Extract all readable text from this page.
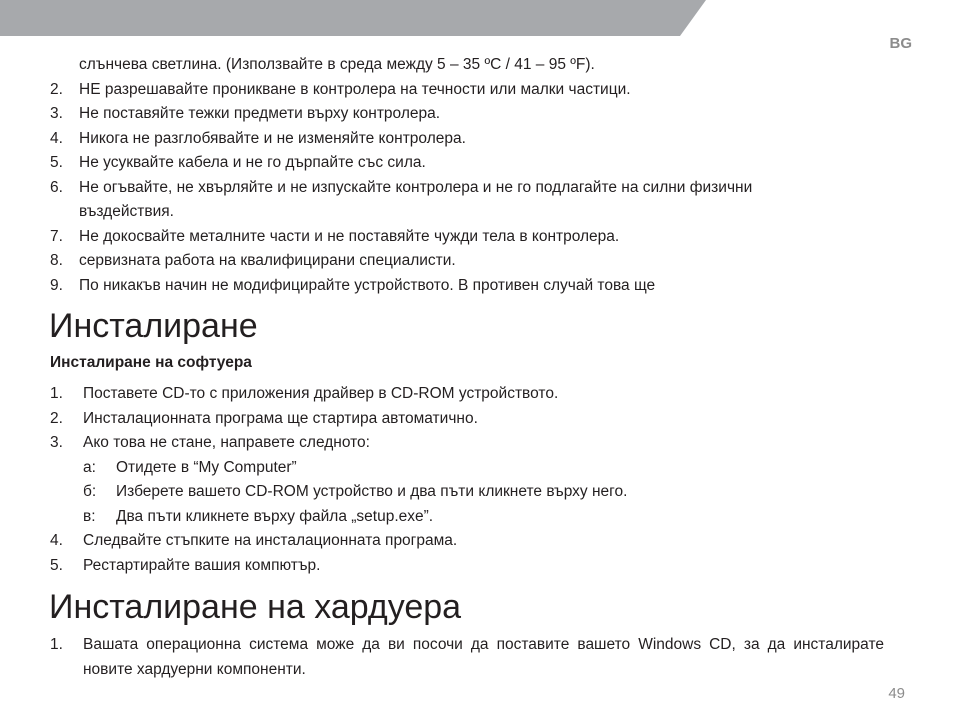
BG
слънчева светлина. (Използвайте в среда между 5 – 35 ºC / 41 – 95 ºF).
2.	НЕ разрешавайте проникване в контролера на течности или малки частици.
3.	Не поставяйте тежки предмети върху контролера.
4.	Никога не разглобявайте и не изменяйте контролера.
5.	Не усуквайте кабела и не го дърпайте със сила.
6.	Не огъвайте, не хвърляйте и не изпускайте контролера и не го подлагайте на силни физични
въздействия.
7.	Не докосвайте металните части и не поставяйте чужди тела в контролера.
8.	сервизната работа на квалифицирани специалисти.
9.	По никакъв начин не модифицирайте устройството. В противен случай това ще
Инсталиране
Инсталиране на софтуера
1.	Поставете CD-то с приложения драйвер в CD-ROM устройството.
2.	Инсталационната програма ще стартира автоматично.
3.	Ако това не стане, направете следното:
а:	Отидете в “My Computer”
б:	Изберете вашето CD-ROM устройство и два пъти кликнете върху него.
в:	Два пъти кликнете върху файла „setup.exe”.
4.	Следвайте стъпките на инсталационната програма.
5.	Рестартирайте вашия компютър.
Инсталиране на хардуера
1.	Вашата операционна система може да ви посочи да поставите вашето Windows CD, за да инсталирате новите хардуерни компоненти.
49
